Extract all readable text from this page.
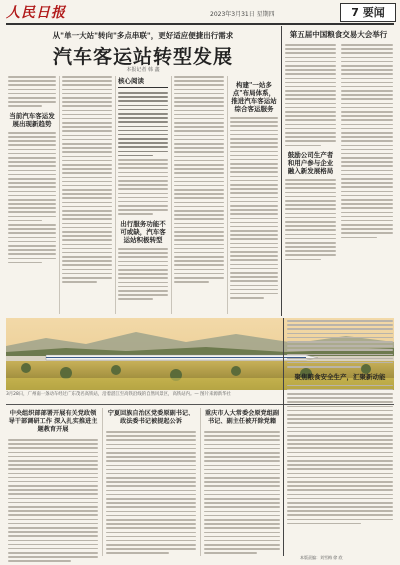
人民日报	2023年3月31日 星期四	7 要闻
从"单一大站"转向"多点串联"，更好适应便捷出行需求
汽车客运站转型发展
本报记者 韩 鑫
当前汽车客运发展出现新趋势
核心阅读
出行服务功能不可或缺，汽车客运站积极转型
构建"一站多点"布局体系，推进汽车客运站综合客运服务
第五届中国粮食交易大会举行
鼓励公司生产者和用户参与企业融入新发展格局
3月28日，广州南一条动车经过广东茂名高铁站，沿着湛江至高铁沿线的自然风景区，高铁站内。— 图片来源新华社
中央组织部部署开展有关党政领导干部调研工作 深入扎实推进主题教育开展
宁夏回族自治区党委原副书记、政法委书记被提起公诉
重庆市人大常委会原党组副书记、副主任被开除党籍
聚焦粮食安全生产，汇聚新动能
本版责编：刘雪梅 徐 欣
